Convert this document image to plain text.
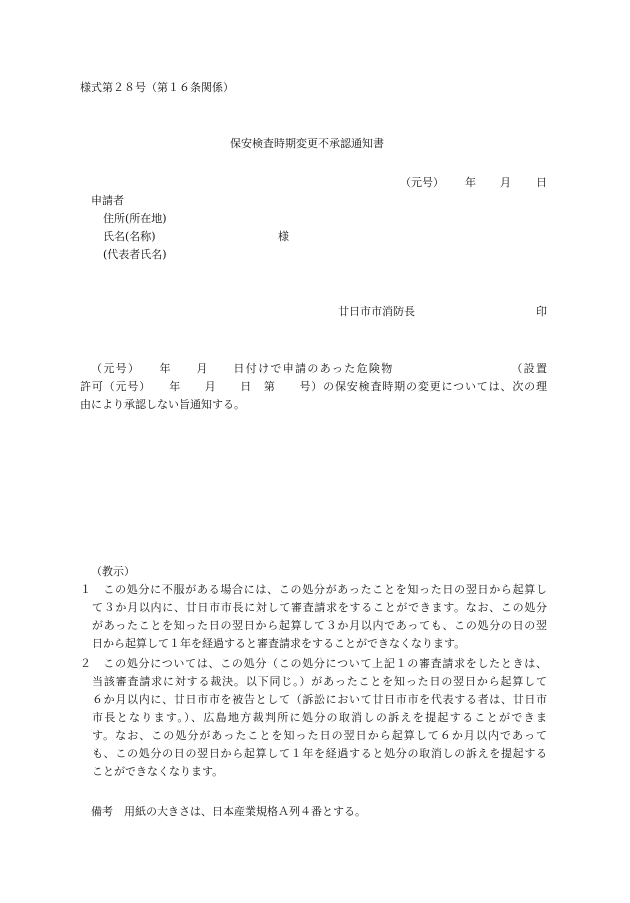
様式第２８号（第１６条関係）
保安検査時期変更不承認通知書
（元号） 年 月 日
申請者
住所(所在地)
氏名(名称)	様
(代表者氏名)
廿日市市消防長	印
（元号）　　年　　月　　日付けで申請のあった危険物　　　　　　　　　　（設置
許可（元号）　　年　　月　　日　第　　号）の保安検査時期の変更については、次の理
由により承認しない旨通知する。
（教示）
１　この処分に不服がある場合には、この処分があったことを知った日の翌日から起算し
て３か月以内に、廿日市市長に対して審査請求をすることができます。なお、この処分
があったことを知った日の翌日から起算して３か月以内であっても、この処分の日の翌
日から起算して１年を経過すると審査請求をすることができなくなります。
２　この処分については、この処分（この処分について上記１の審査請求をしたときは、
当該審査請求に対する裁決。以下同じ。）があったことを知った日の翌日から起算して
６か月以内に、廿日市市を被告として（訴訟において廿日市市を代表する者は、廿日市
市長となります。）、広島地方裁判所に処分の取消しの訴えを提起することができま
す。なお、この処分があったことを知った日の翌日から起算して６か月以内であって
も、この処分の日の翌日から起算して１年を経過すると処分の取消しの訴えを提起する
ことができなくなります。
備考　用紙の大きさは、日本産業規格Ａ列４番とする。
